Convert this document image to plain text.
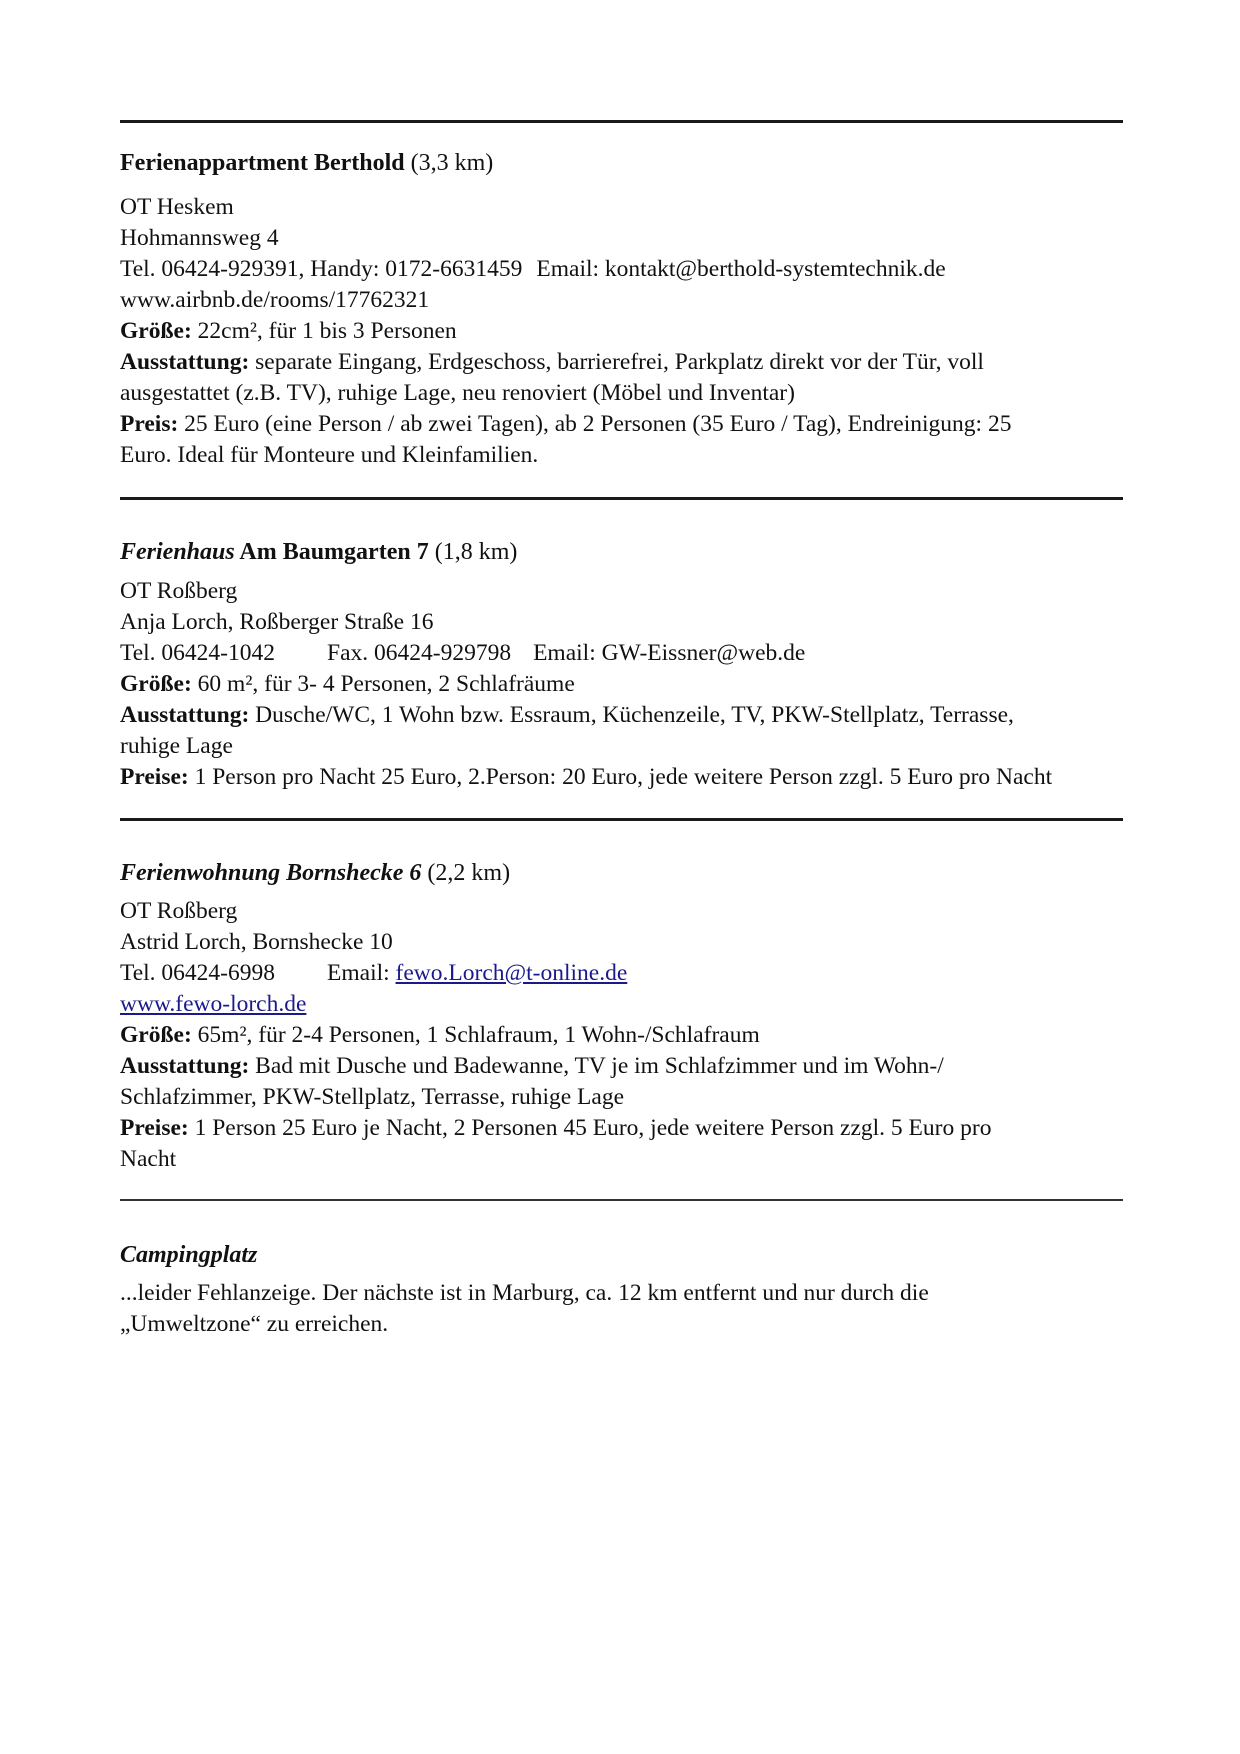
Ferienappartment Berthold (3,3 km)
OT Heskem
Hohmannsweg 4
Tel. 06424-929391, Handy: 0172-6631459 Email: kontakt@berthold-systemtechnik.de
www.airbnb.de/rooms/17762321
Größe: 22cm², für 1 bis 3 Personen
Ausstattung: separate Eingang, Erdgeschoss, barrierefrei, Parkplatz direkt vor der Tür, voll
ausgestattet (z.B. TV), ruhige Lage, neu renoviert (Möbel und Inventar)
Preis: 25 Euro (eine Person / ab zwei Tagen), ab 2 Personen (35 Euro / Tag), Endreinigung: 25
Euro. Ideal für Monteure und Kleinfamilien.
Ferienhaus Am Baumgarten 7 (1,8 km)
OT Roßberg
Anja Lorch, Roßberger Straße 16
Tel. 06424-1042 Fax. 06424-929798 Email: GW-Eissner@web.de
Größe: 60 m², für 3- 4 Personen, 2 Schlafräume
Ausstattung: Dusche/WC, 1 Wohn bzw. Essraum, Küchenzeile, TV, PKW-Stellplatz, Terrasse,
ruhige Lage
Preise: 1 Person pro Nacht 25 Euro, 2.Person: 20 Euro, jede weitere Person zzgl. 5 Euro pro Nacht
Ferienwohnung Bornshecke 6 (2,2 km)
OT Roßberg
Astrid Lorch, Bornshecke 10
Tel. 06424-6998 Email: fewo.Lorch@t-online.de
www.fewo-lorch.de
Größe: 65m², für 2-4 Personen, 1 Schlafraum, 1 Wohn-/Schlafraum
Ausstattung: Bad mit Dusche und Badewanne, TV je im Schlafzimmer und im Wohn-/
Schlafzimmer, PKW-Stellplatz, Terrasse, ruhige Lage
Preise: 1 Person 25 Euro je Nacht, 2 Personen 45 Euro, jede weitere Person zzgl. 5 Euro pro
Nacht
Campingplatz
...leider Fehlanzeige. Der nächste ist in Marburg, ca. 12 km entfernt und nur durch die
„Umweltzone“ zu erreichen.
